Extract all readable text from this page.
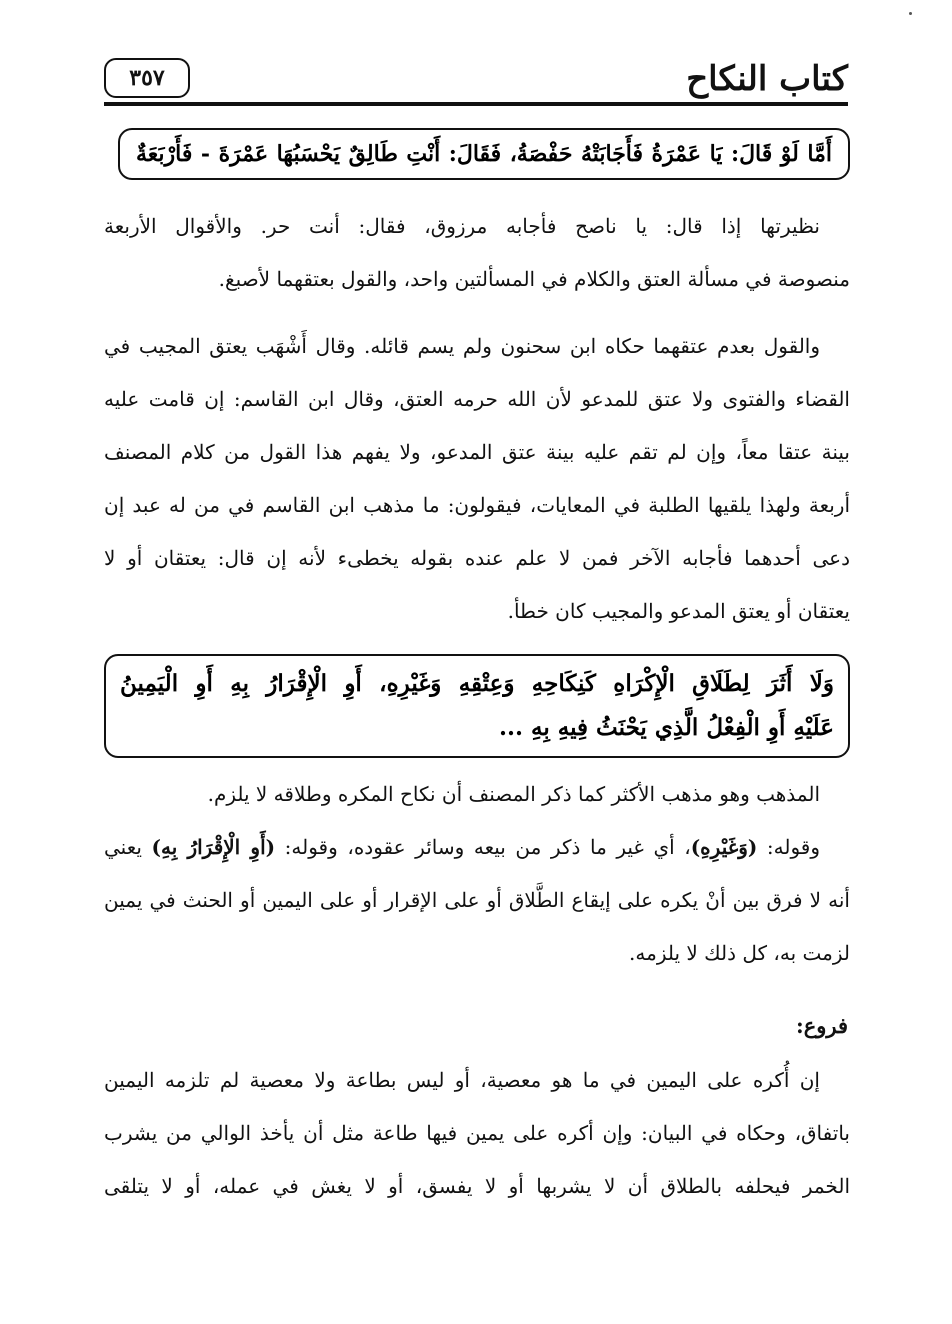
كتاب النكاح
٣٥٧
أَمَّا لَوْ قَالَ: يَا عَمْرَةُ فَأَجَابَتْهُ حَفْصَةُ، فَقَالَ: أَنْتِ طَالِقٌ يَحْسَبُهَا عَمْرَةَ - فَأَرْبَعَةٌ
نظيرتها إذا قال: يا ناصح فأجابه مرزوق، فقال: أنت حر. والأقوال الأربعة
منصوصة في مسألة العتق والكلام في المسألتين واحد، والقول بعتقهما لأصبغ.
والقول بعدم عتقهما حكاه ابن سحنون ولم يسم قائله. وقال أَشْهَب يعتق المجيب في
القضاء والفتوى ولا عتق للمدعو لأن الله حرمه العتق، وقال ابن القاسم: إن قامت عليه
بينة عتقا معاً، وإن لم تقم عليه بينة عتق المدعو، ولا يفهم هذا القول من كلام المصنف
أربعة ولهذا يلقيها الطلبة في المعايات، فيقولون: ما مذهب ابن القاسم في من له عبد إن
دعى أحدهما فأجابه الآخر فمن لا علم عنده بقوله يخطىء لأنه إن قال: يعتقان أو لا
يعتقان أو يعتق المدعو والمجيب كان خطأ.
وَلَا أَثَرَ لِطَلَاقِ الْإِكْرَاهِ كَنِكَاحِهِ وَعِتْقِهِ وَغَيْرِهِ، أَوِ الْإِقْرَارُ بِهِ أَوِ الْيَمِينُ
عَلَيْهِ أَوِ الْفِعْلُ الَّذِي يَحْنَثُ فِيهِ بِهِ ...
المذهب وهو مذهب الأكثر كما ذكر المصنف أن نكاح المكره وطلاقه لا يلزم.
وقوله: (وَغَيْرِهِ)، أي غير ما ذكر من بيعه وسائر عقوده، وقوله: (أَوِ الْإِقْرَارُ بِهِ) يعني
أنه لا فرق بين أنْ يكره على إيقاع الطَّلاق أو على الإقرار أو على اليمين أو الحنث في يمين
لزمت به، كل ذلك لا يلزمه.
فروع:
إن أُكره على اليمين في ما هو معصية، أو ليس بطاعة ولا معصية لم تلزمه اليمين
باتفاق، وحكاه في البيان: وإن أكره على يمين فيها طاعة مثل أن يأخذ الوالي من يشرب
الخمر فيحلفه بالطلاق أن لا يشربها أو لا يفسق، أو لا يغش في عمله، أو لا يتلقى
